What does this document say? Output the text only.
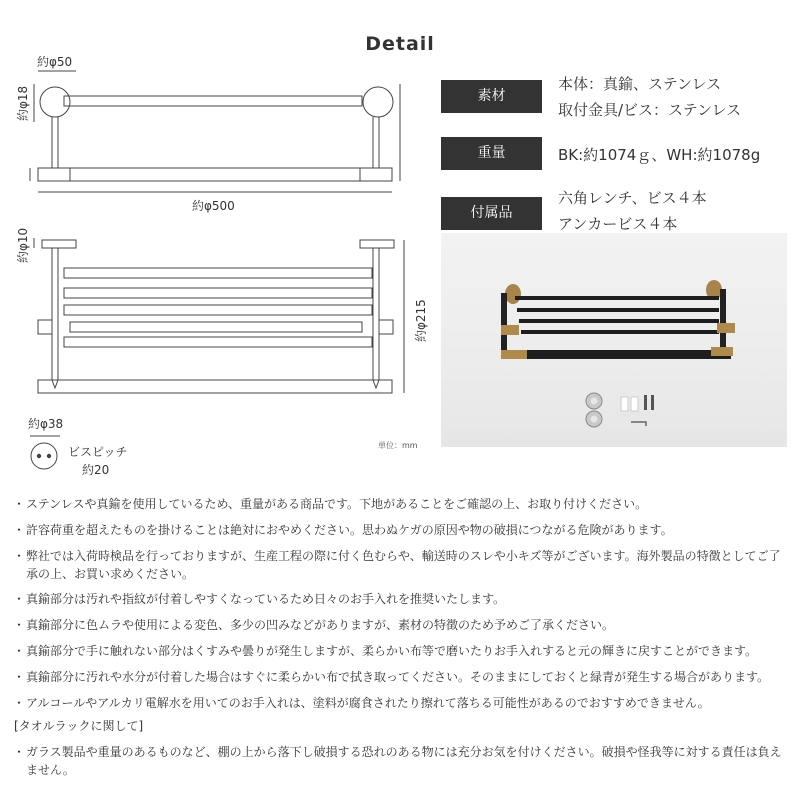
Detail
約φ50
約φ18
約φ500
約φ10
約φ215
約φ38
ビスピッチ
約20
単位：mm
素材
本体：真鍮、ステンレス
取付金具/ビス：ステンレス
重量	BK:約1074ｇ、WH:約1078g
付属品
六角レンチ、ビス４本
アンカービス４本
・ ステンレスや真鍮を使用しているため、重量がある商品です。下地があることをご確認の上、お取り付けください。
・ 許容荷重を超えたものを掛けることは絶対におやめください。思わぬケガの原因や物の破損につながる危険があります。
・ 弊社では入荷時検品を行っておりますが、生産工程の際に付く色むらや、輸送時のスレや小キズ等がございます。海外製品の特徴としてご了承の上、お買い求めください。
・ 真鍮部分は汚れや指紋が付着しやすくなっているため日々のお手入れを推奨いたします。
・ 真鍮部分に色ムラや使用による変色、多少の凹みなどがありますが、素材の特徴のため予めご了承ください。
・ 真鍮部分で手に触れない部分はくすみや曇りが発生しますが、柔らかい布等で磨いたりお手入れすると元の輝きに戻すことができます。
・ 真鍮部分に汚れや水分が付着した場合はすぐに柔らかい布で拭き取ってください。そのままにしておくと緑青が発生する場合があります。
・ アルコールやアルカリ電解水を用いてのお手入れは、塗料が腐食されたり擦れて落ちる可能性があるのでおすすめできません。
[タオルラックに関して]
・ ガラス製品や重量のあるものなど、棚の上から落下し破損する恐れのある物には充分お気を付けください。破損や怪我等に対する責任は負えません。
